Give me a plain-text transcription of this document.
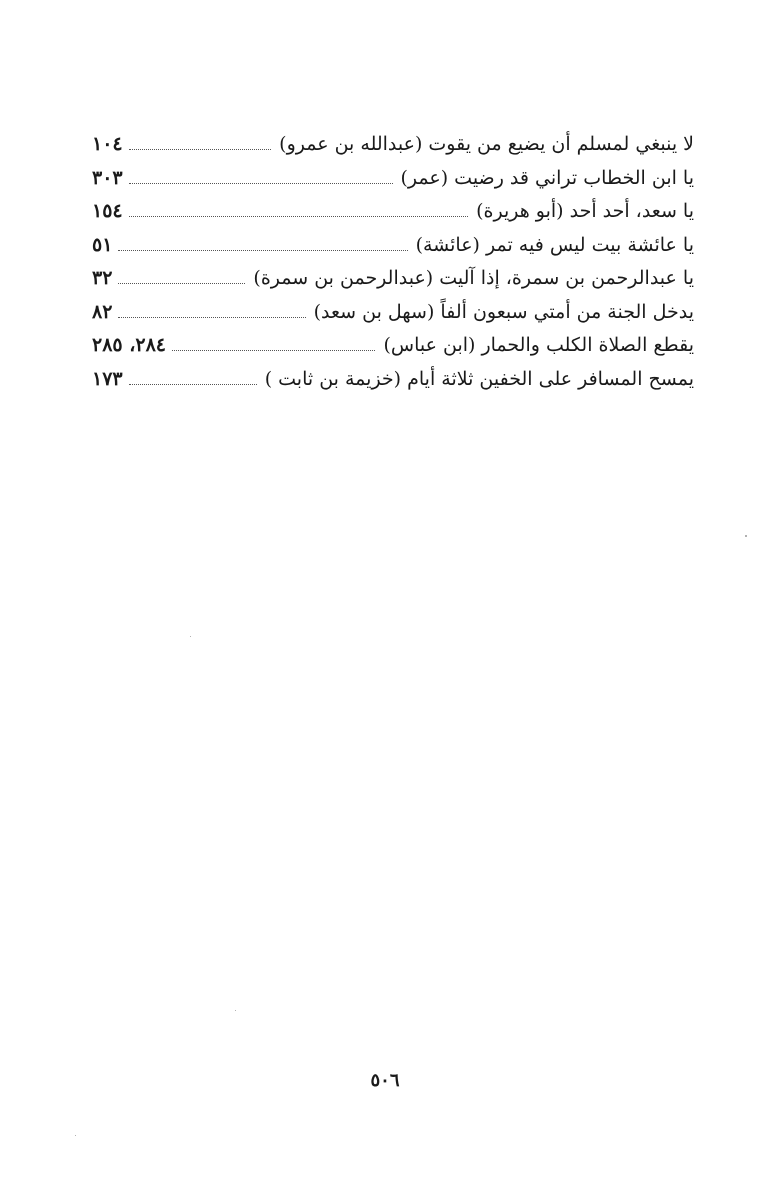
لا ينبغي لمسلم أن يضيع من يقوت (عبدالله بن عمرو)
١٠٤
يا ابن الخطاب تراني قد رضيت (عمر)
٣٠٣
يا سعد، أحد أحد (أبو هريرة)
١٥٤
يا عائشة بيت ليس فيه تمر (عائشة)
٥١
يا عبدالرحمن بن سمرة، إذا آليت (عبدالرحمن بن سمرة)
٣٢
يدخل الجنة من أمتي سبعون ألفاً (سهل بن سعد)
٨٢
يقطع الصلاة الكلب والحمار (ابن عباس)
٢٨٤، ٢٨٥
يمسح المسافر على الخفين ثلاثة أيام (خزيمة بن ثابت )
١٧٣
٥٠٦
